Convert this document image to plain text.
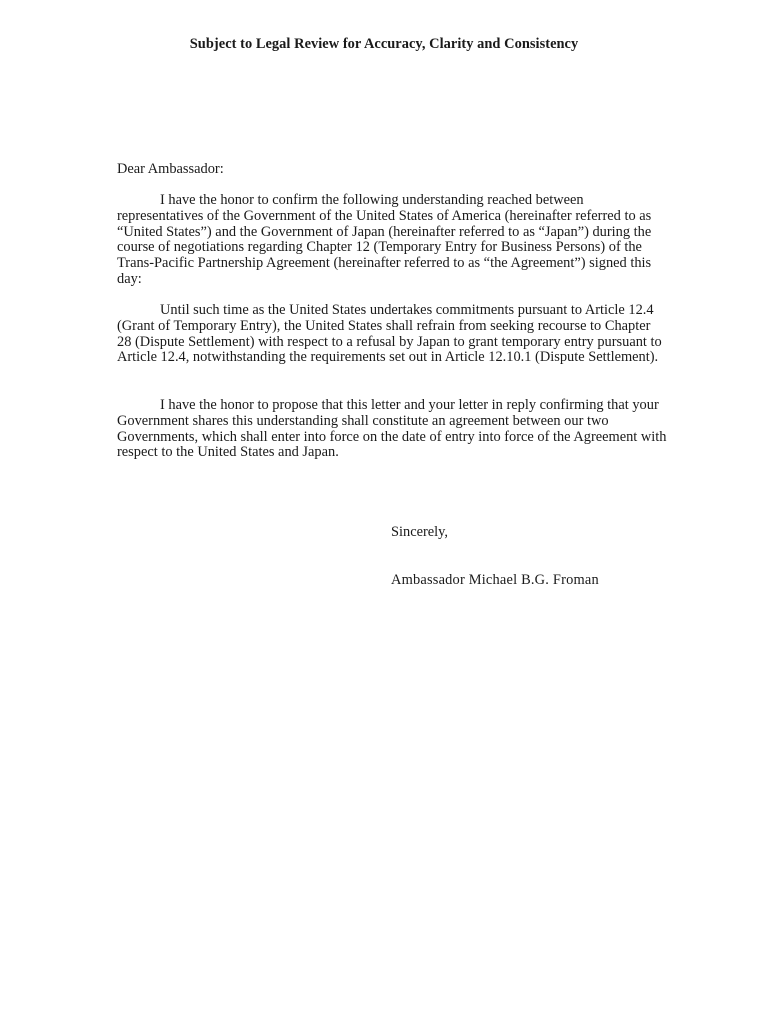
Subject to Legal Review for Accuracy, Clarity and Consistency
Dear Ambassador:

I have the honor to confirm the following understanding reached between representatives of the Government of the United States of America (hereinafter referred to as “United States”) and the Government of Japan (hereinafter referred to as “Japan”) during the course of negotiations regarding Chapter 12 (Temporary Entry for Business Persons) of the Trans-Pacific Partnership Agreement (hereinafter referred to as “the Agreement”) signed this day:

Until such time as the United States undertakes commitments pursuant to Article 12.4 (Grant of Temporary Entry), the United States shall refrain from seeking recourse to Chapter 28 (Dispute Settlement) with respect to a refusal by Japan to grant temporary entry pursuant to Article 12.4, notwithstanding the requirements set out in Article 12.10.1 (Dispute Settlement).

I have the honor to propose that this letter and your letter in reply confirming that your Government shares this understanding shall constitute an agreement between our two Governments, which shall enter into force on the date of entry into force of the Agreement with respect to the United States and Japan.

Sincerely,
Ambassador Michael B.G. Froman
